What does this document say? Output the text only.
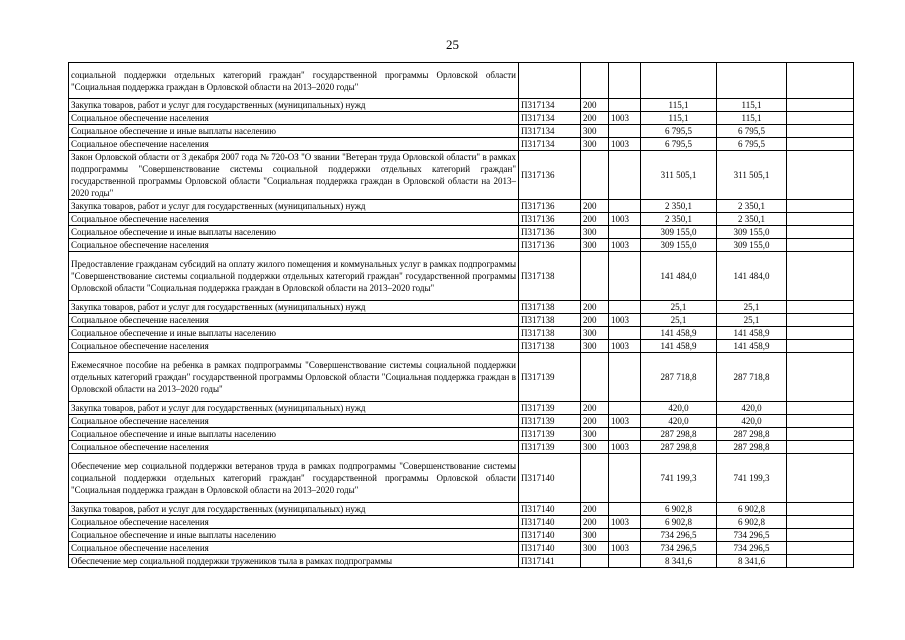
25
социальной поддержки отдельных категорий граждан" государственной программы Орловской области "Социальная поддержка граждан в Орловской области на 2013–2020 годы"						
Закупка товаров, работ и услуг для государственных (муниципальных) нужд	П317134	200		115,1	115,1	
Социальное обеспечение населения	П317134	200	1003	115,1	115,1	
Социальное обеспечение и иные выплаты населению	П317134	300		6 795,5	6 795,5	
Социальное обеспечение населения	П317134	300	1003	6 795,5	6 795,5	
Закон Орловской области от 3 декабря 2007 года № 720-ОЗ "О звании "Ветеран труда Орловской области" в рамках подпрограммы "Совершенствование системы социальной поддержки отдельных категорий граждан" государственной программы Орловской области "Социальная поддержка граждан в Орловской области на 2013–2020 годы"	П317136			311 505,1	311 505,1	
Закупка товаров, работ и услуг для государственных (муниципальных) нужд	П317136	200		2 350,1	2 350,1	
Социальное обеспечение населения	П317136	200	1003	2 350,1	2 350,1	
Социальное обеспечение и иные выплаты населению	П317136	300		309 155,0	309 155,0	
Социальное обеспечение населения	П317136	300	1003	309 155,0	309 155,0	
Предоставление гражданам субсидий на оплату жилого помещения и коммунальных услуг в рамках подпрограммы "Совершенствование системы социальной поддержки отдельных категорий граждан" государственной программы Орловской области "Социальная поддержка граждан в Орловской области на 2013–2020 годы"	П317138			141 484,0	141 484,0	
Закупка товаров, работ и услуг для государственных (муниципальных) нужд	П317138	200		25,1	25,1	
Социальное обеспечение населения	П317138	200	1003	25,1	25,1	
Социальное обеспечение и иные выплаты населению	П317138	300		141 458,9	141 458,9	
Социальное обеспечение населения	П317138	300	1003	141 458,9	141 458,9	
Ежемесячное пособие на ребенка в рамках подпрограммы "Совершенствование системы социальной поддержки отдельных категорий граждан" государственной программы Орловской области "Социальная поддержка граждан в Орловской области на 2013–2020 годы"	П317139			287 718,8	287 718,8	
Закупка товаров, работ и услуг для государственных (муниципальных) нужд	П317139	200		420,0	420,0	
Социальное обеспечение населения	П317139	200	1003	420,0	420,0	
Социальное обеспечение и иные выплаты населению	П317139	300		287 298,8	287 298,8	
Социальное обеспечение населения	П317139	300	1003	287 298,8	287 298,8	
Обеспечение мер социальной поддержки ветеранов труда в рамках подпрограммы "Совершенствование системы социальной поддержки отдельных категорий граждан" государственной программы Орловской области "Социальная поддержка граждан в Орловской области на 2013–2020 годы"	П317140			741 199,3	741 199,3	
Закупка товаров, работ и услуг для государственных (муниципальных) нужд	П317140	200		6 902,8	6 902,8	
Социальное обеспечение населения	П317140	200	1003	6 902,8	6 902,8	
Социальное обеспечение и иные выплаты населению	П317140	300		734 296,5	734 296,5	
Социальное обеспечение населения	П317140	300	1003	734 296,5	734 296,5	
Обеспечение мер социальной поддержки тружеников тыла в рамках подпрограммы	П317141			8 341,6	8 341,6	
